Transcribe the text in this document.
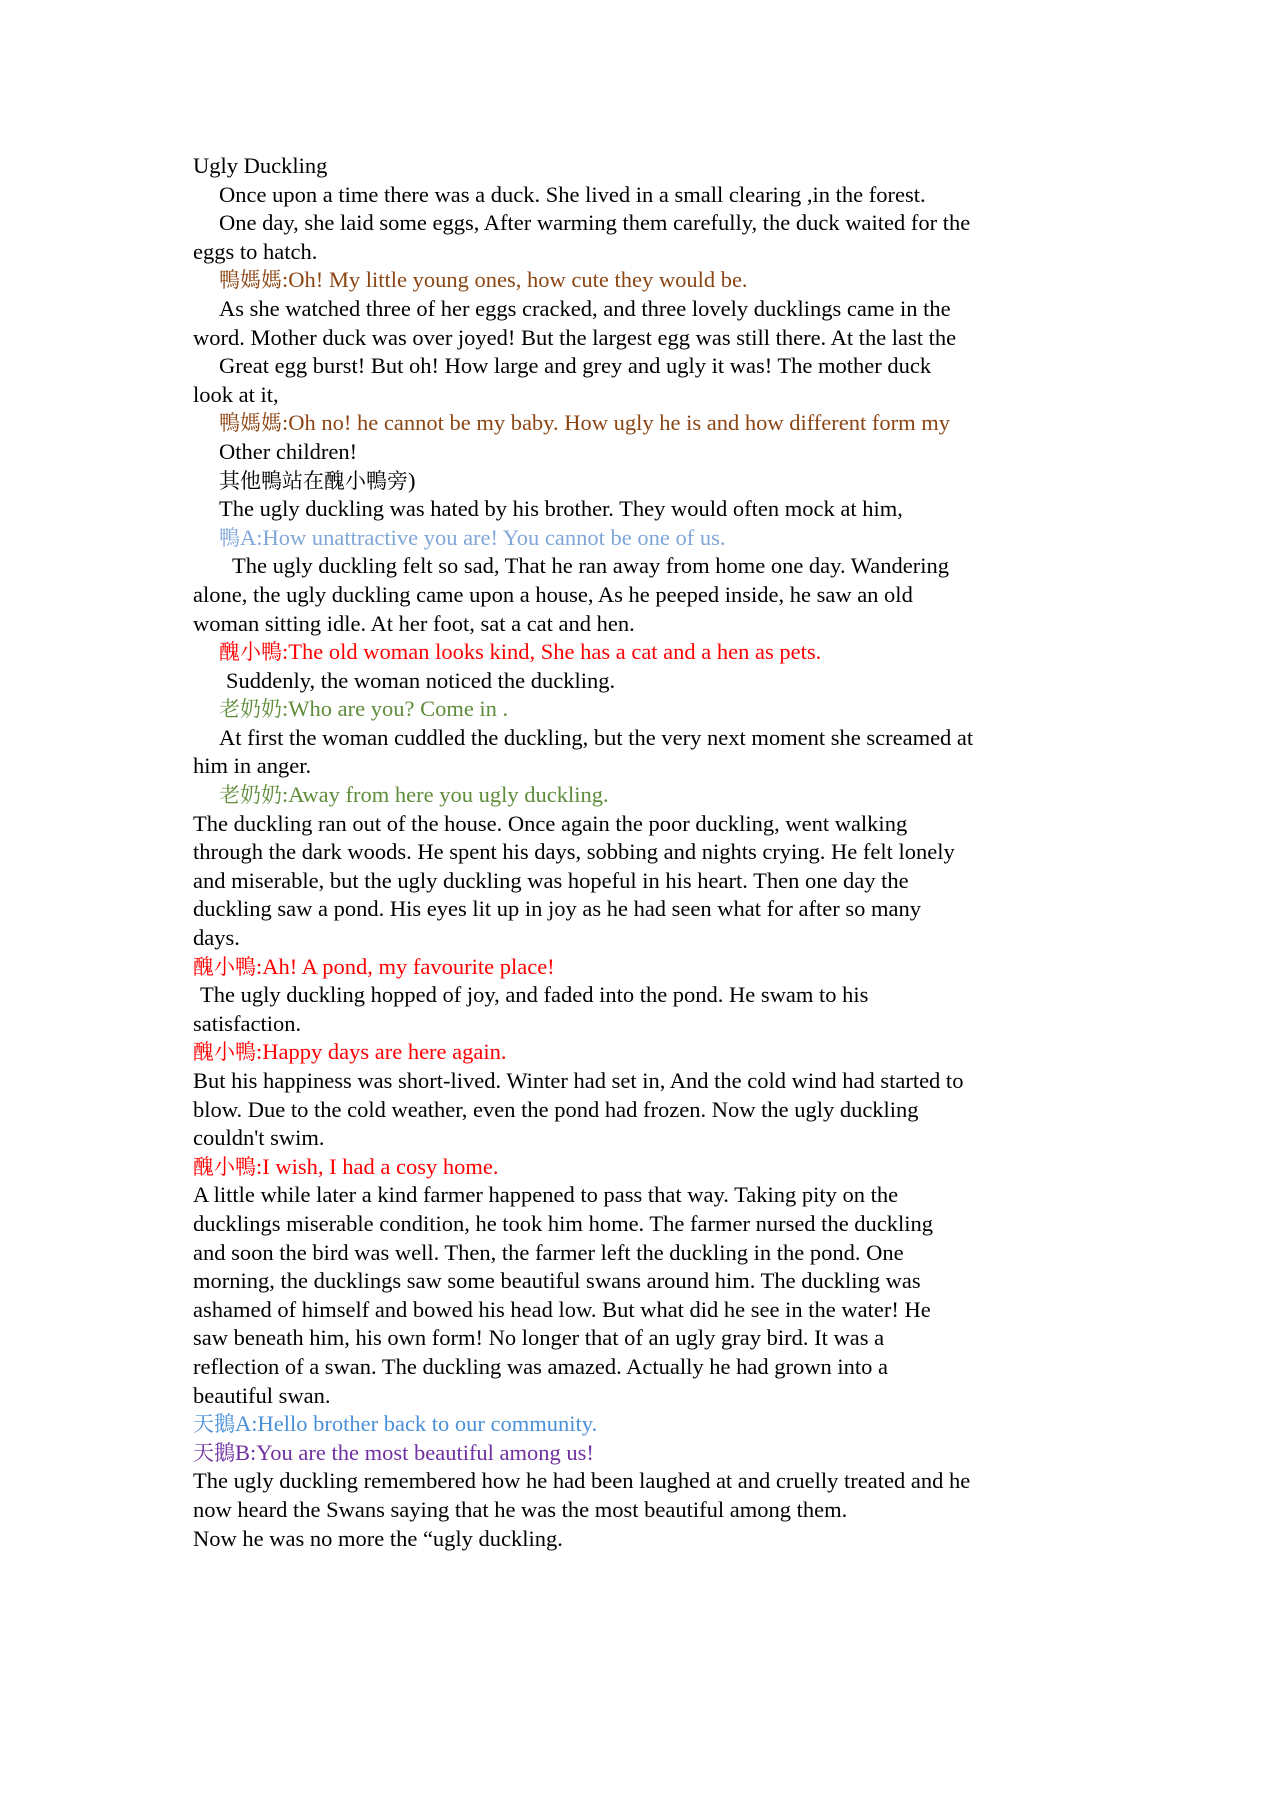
Ugly Duckling
Once upon a time there was a duck. She lived in a small clearing ,in the forest.
One day, she laid some eggs, After warming them carefully, the duck waited for the
eggs to hatch.
鴨媽媽:Oh! My little young ones, how cute they would be.
As she watched three of her eggs cracked, and three lovely ducklings came in the
word. Mother duck was over joyed! But the largest egg was still there. At the last the
Great egg burst! But oh! How large and grey and ugly it was! The mother duck
look at it,
鴨媽媽:Oh no! he cannot be my baby. How ugly he is and how different form my
Other children!
其他鴨站在醜小鴨旁)
The ugly duckling was hated by his brother. They would often mock at him,
鴨A:How unattractive you are! You cannot be one of us.
The ugly duckling felt so sad, That he ran away from home one day. Wandering
alone, the ugly duckling came upon a house, As he peeped inside, he saw an old
woman sitting idle. At her foot, sat a cat and hen.
醜小鴨:The old woman looks kind, She has a cat and a hen as pets.
Suddenly, the woman noticed the duckling.
老奶奶:Who are you? Come in .
At first the woman cuddled the duckling, but the very next moment she screamed at
him in anger.
老奶奶:Away from here you ugly duckling.
The duckling ran out of the house. Once again the poor duckling, went walking
through the dark woods. He spent his days, sobbing and nights crying. He felt lonely
and miserable, but the ugly duckling was hopeful in his heart. Then one day the
duckling saw a pond. His eyes lit up in joy as he had seen what for after so many
days.
醜小鴨:Ah! A pond, my favourite place!
The ugly duckling hopped of joy, and faded into the pond. He swam to his
satisfaction.
醜小鴨:Happy days are here again.
But his happiness was short-lived. Winter had set in, And the cold wind had started to
blow. Due to the cold weather, even the pond had frozen. Now the ugly duckling
couldn't swim.
醜小鴨:I wish, I had a cosy home.
A little while later a kind farmer happened to pass that way. Taking pity on the
ducklings miserable condition, he took him home. The farmer nursed the duckling
and soon the bird was well. Then, the farmer left the duckling in the pond. One
morning, the ducklings saw some beautiful swans around him. The duckling was
ashamed of himself and bowed his head low. But what did he see in the water! He
saw beneath him, his own form! No longer that of an ugly gray bird. It was a
reflection of a swan. The duckling was amazed. Actually he had grown into a
beautiful swan.
天鵝A:Hello brother back to our community.
天鵝B:You are the most beautiful among us!
The ugly duckling remembered how he had been laughed at and cruelly treated and he
now heard the Swans saying that he was the most beautiful among them.
Now he was no more the “ugly duckling.
